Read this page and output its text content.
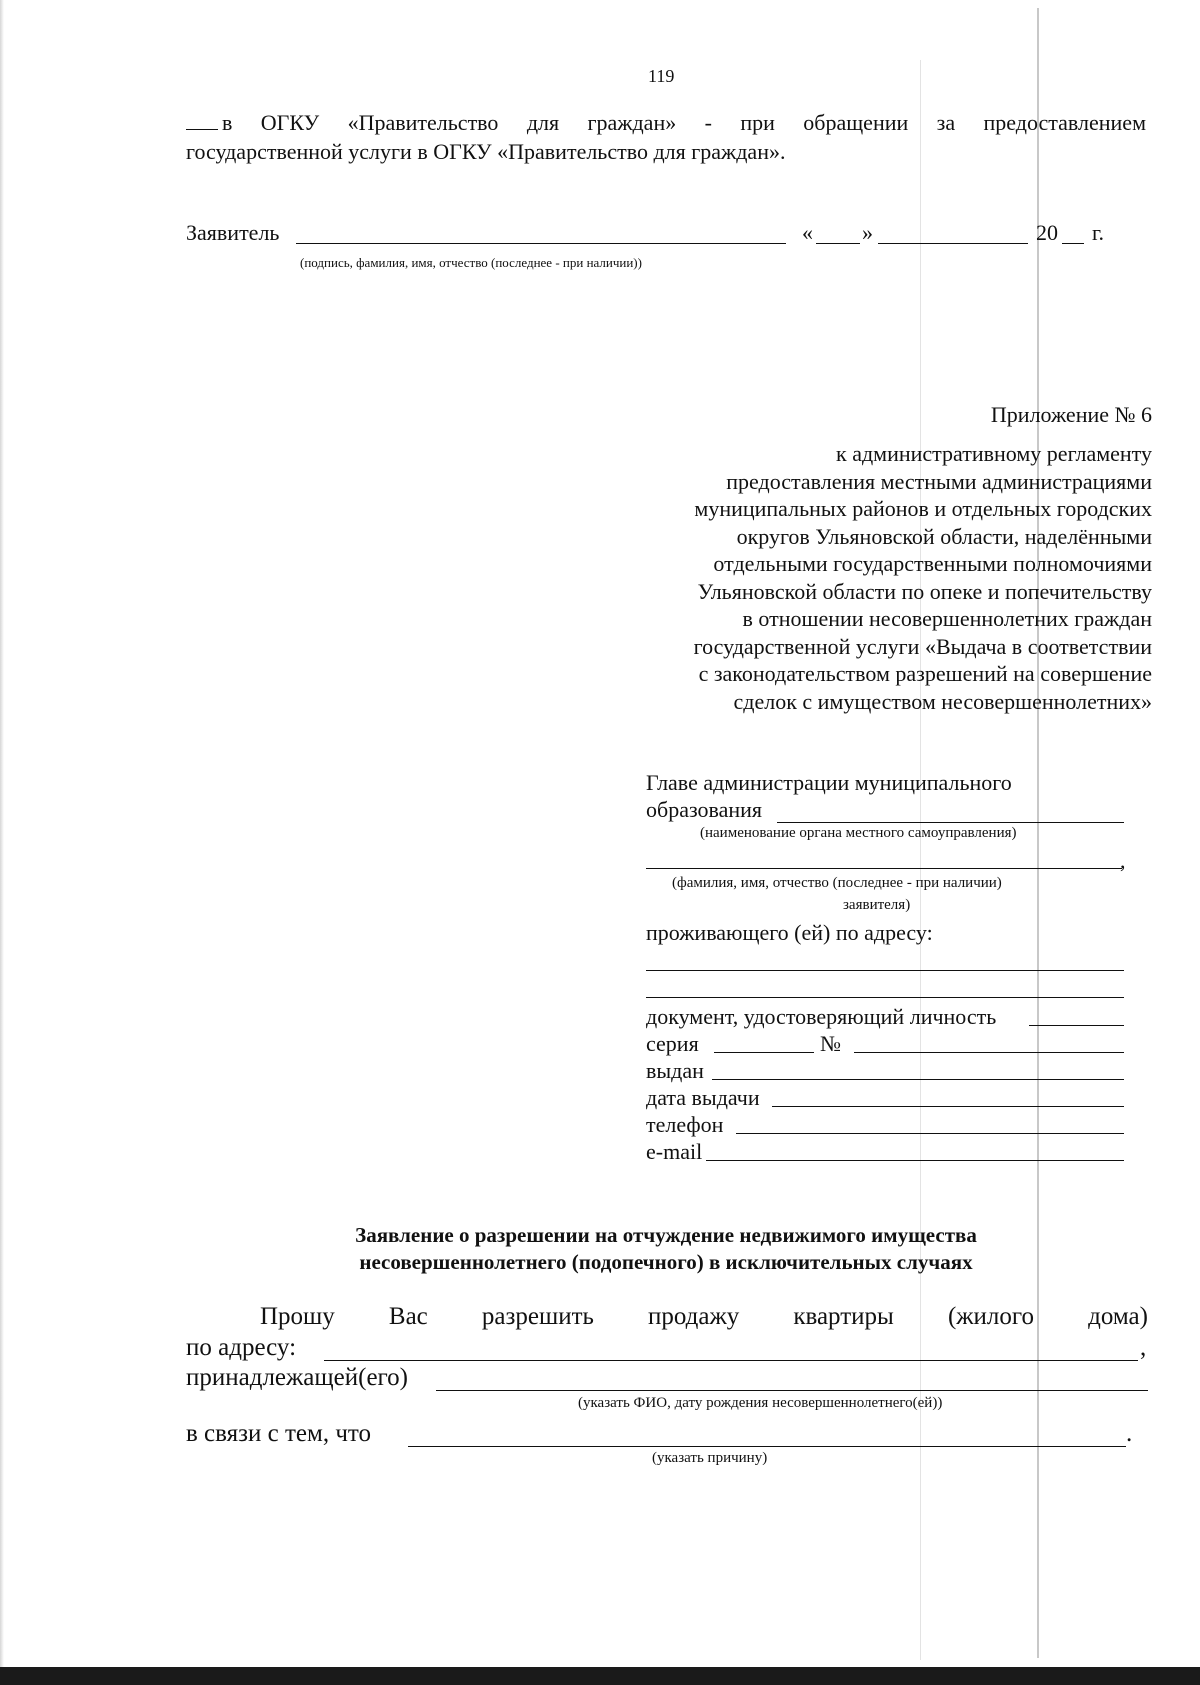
119
в ОГКУ «Правительство для граждан» - при обращении за предоставлением
государственной услуги в ОГКУ «Правительство для граждан».
Заявитель
(подпись, фамилия, имя, отчество (последнее - при наличии))
« »	20 г.
Приложение № 6
к административному регламенту
предоставления местными администрациями
муниципальных районов и отдельных городских
округов Ульяновской области, наделёнными
отдельными государственными полномочиями
Ульяновской области по опеке и попечительству
в отношении несовершеннолетних граждан
государственной услуги «Выдача в соответствии
с законодательством разрешений на совершение
сделок с имуществом несовершеннолетних»
Главе администрации муниципального
образования
(наименование органа местного самоуправления)
,
(фамилия, имя, отчество (последнее - при наличии)
заявителя)
проживающего (ей) по адресу:
документ, удостоверяющий личность
серия	№
выдан
дата выдачи
телефон
e-mail
Заявление о разрешении на отчуждение недвижимого имущества
несовершеннолетнего (подопечного) в исключительных случаях
Прошу Вас разрешить продажу квартиры (жилого дома)
по адресу:	,
принадлежащей(его)
(указать ФИО, дату рождения несовершеннолетнего(ей))
в связи с тем, что	.
(указать причину)
